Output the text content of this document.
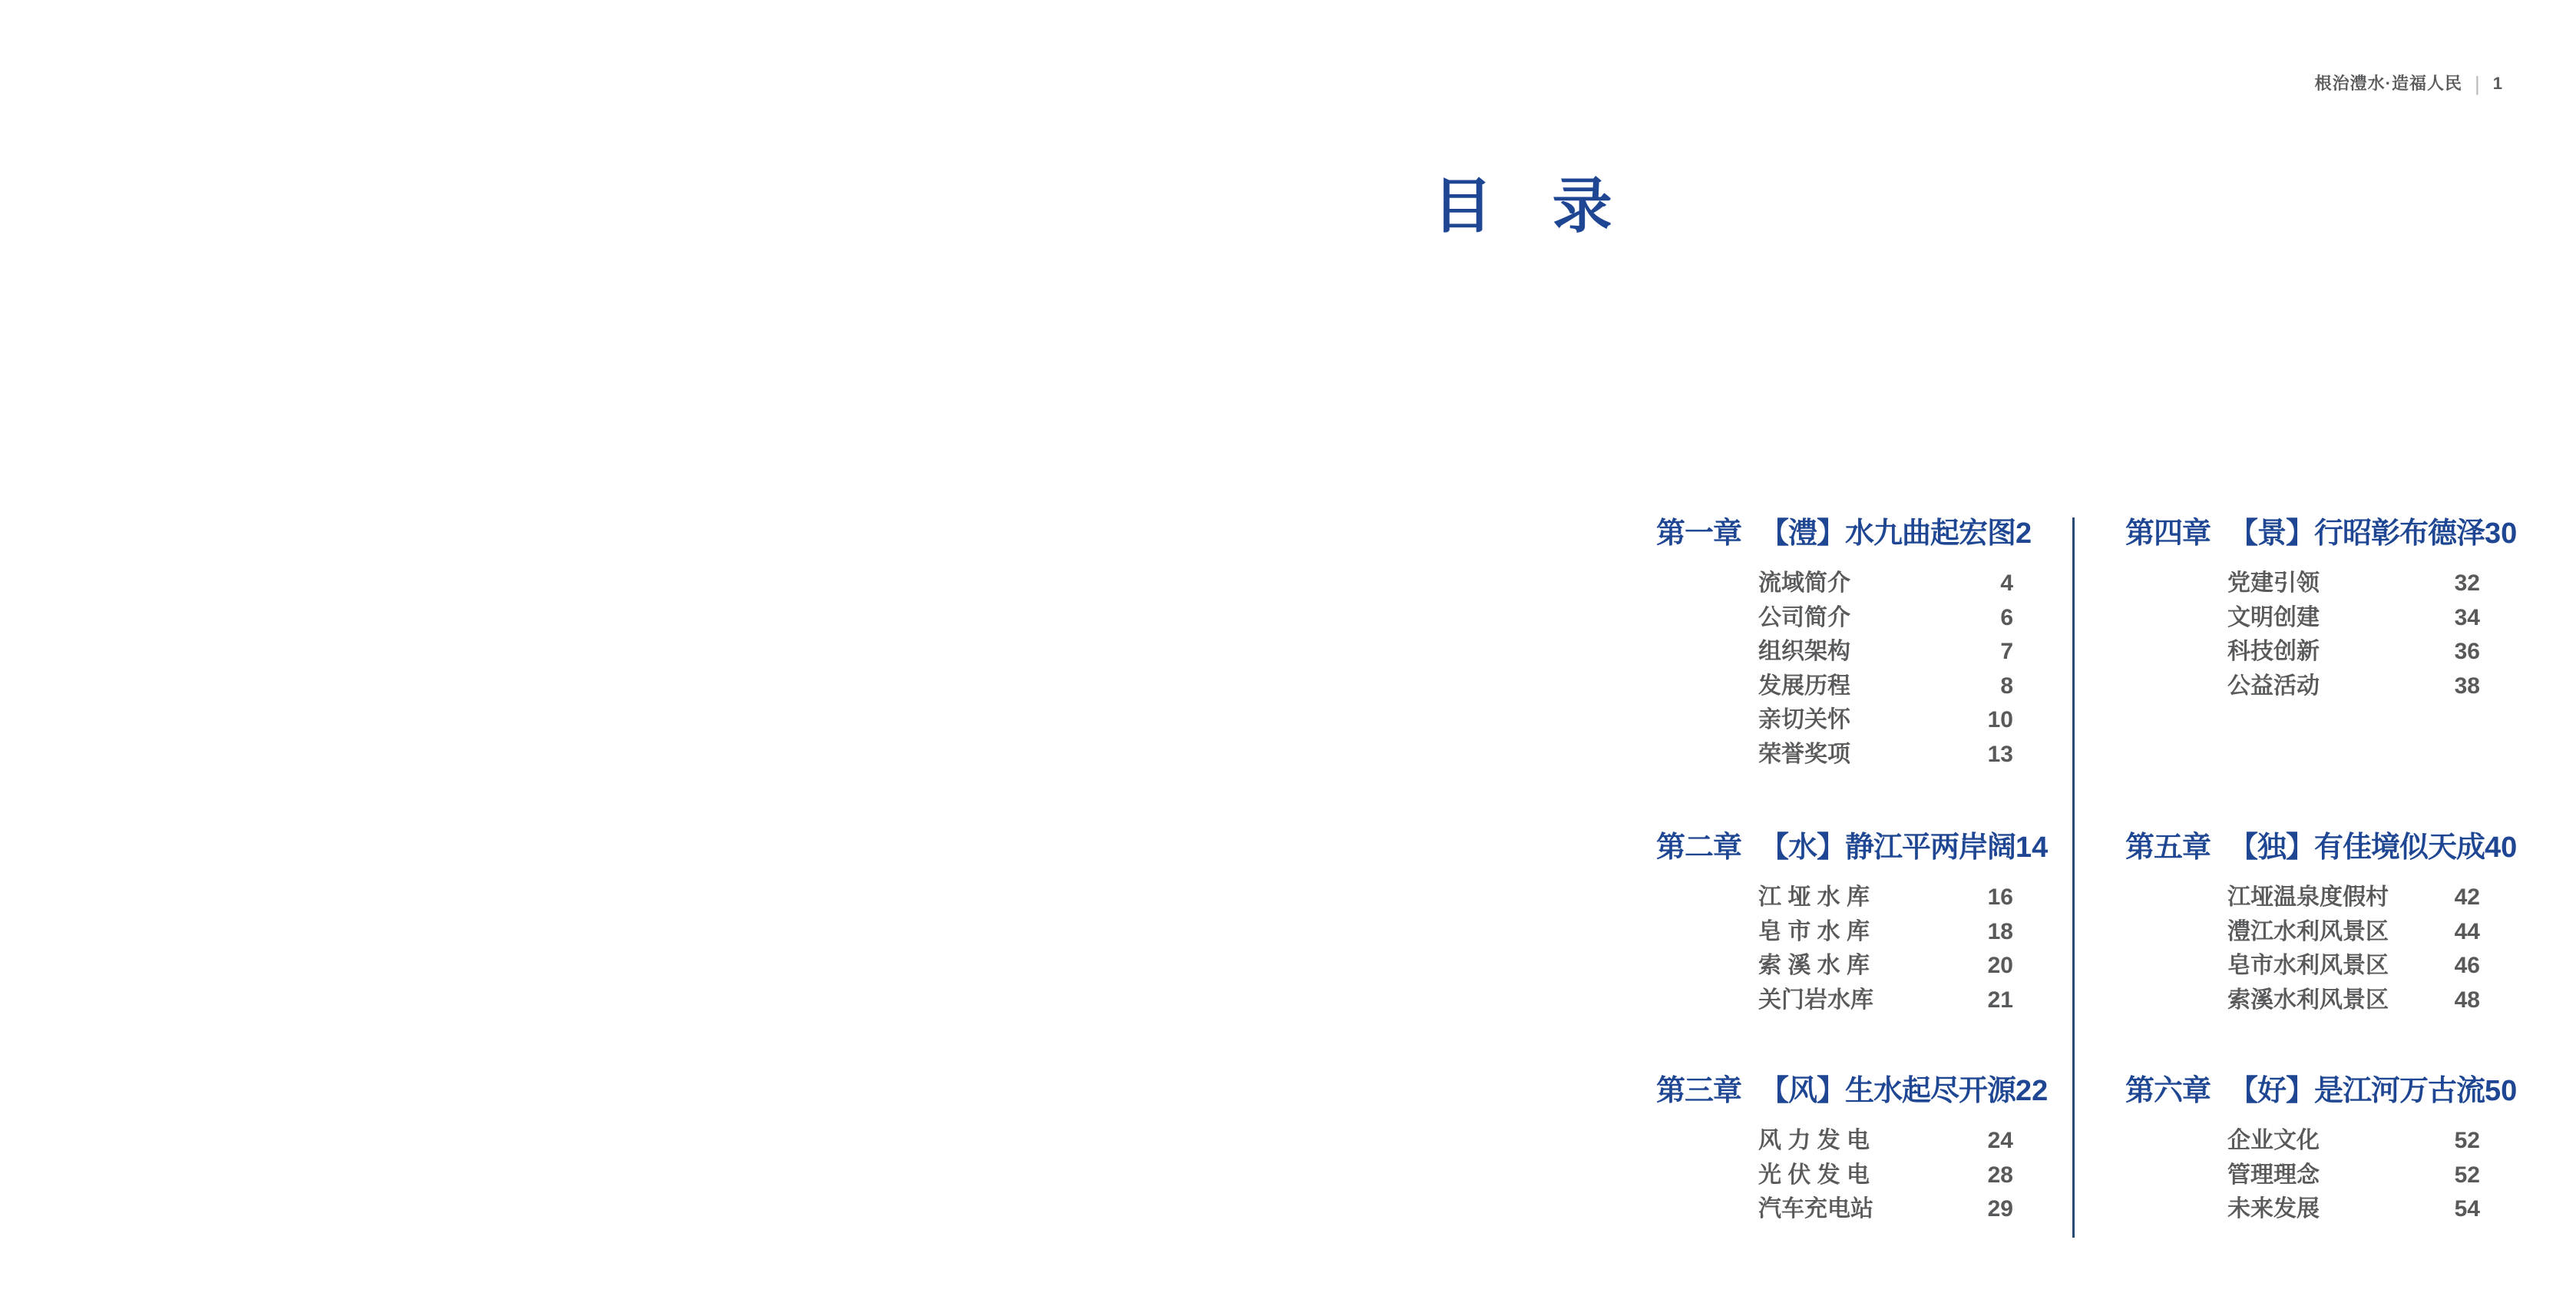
根治澧水·造福人民 | 1
目 录
第一章 【澧】水九曲起宏图 2
流域简介	4
公司简介	6
组织架构	7
发展历程	8
亲切关怀	10
荣誉奖项	13
第二章 【水】静江平两岸阔 14
江 垭 水 库	16
皂 市 水 库	18
索 溪 水 库	20
关门岩水库	21
第三章 【风】生水起尽开源 22
风 力 发 电	24
光 伏 发 电	28
汽车充电站	29
第四章 【景】行昭彰布德泽 30
党建引领	32
文明创建	34
科技创新	36
公益活动	38
第五章 【独】有佳境似天成 40
江垭温泉度假村	42
澧江水利风景区	44
皂市水利风景区	46
索溪水利风景区	48
第六章 【好】是江河万古流 50
企业文化	52
管理理念	52
未来发展	54
